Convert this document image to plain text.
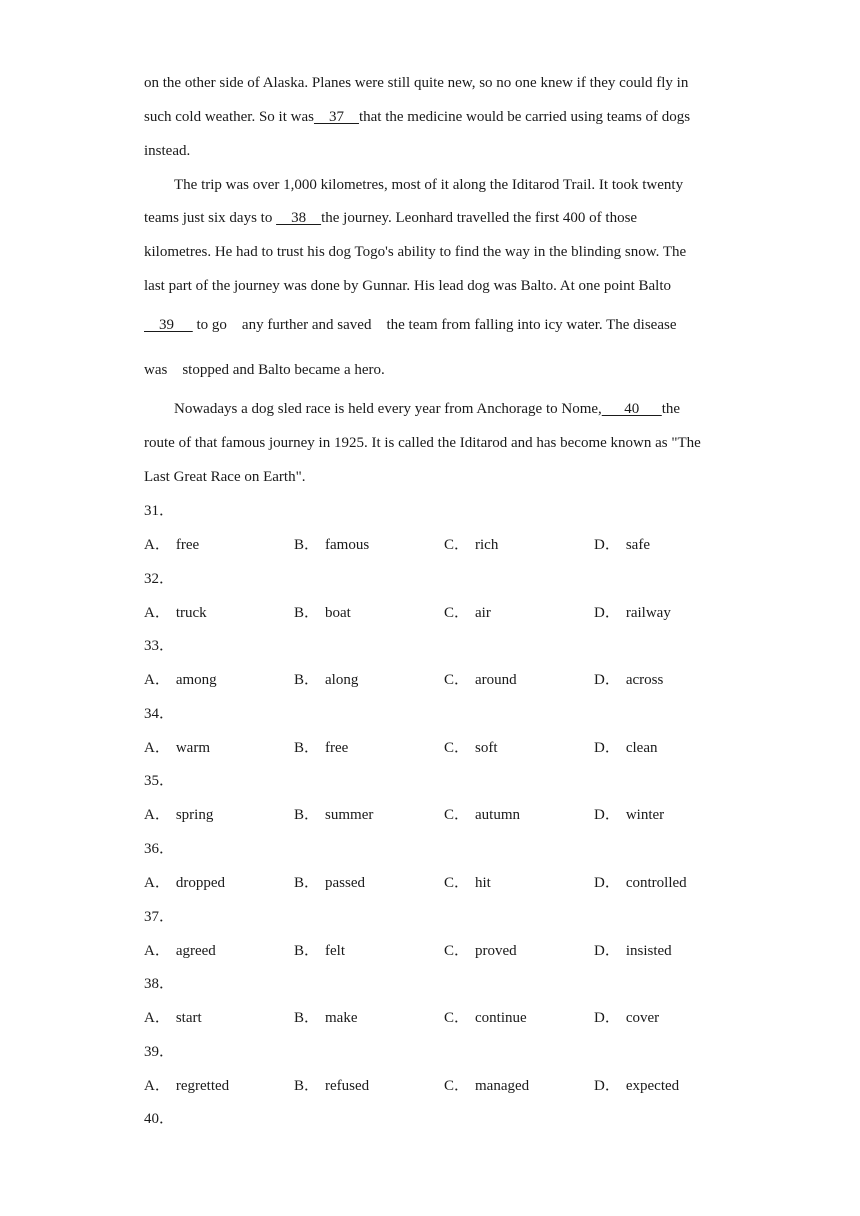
on the other side of Alaska. Planes were still quite new, so no one knew if they could fly in
such cold weather. So it was    37    that the medicine would be carried using teams of dogs
instead.
The trip was over 1,000 kilometres, most of it along the Iditarod Trail. It took twenty
teams just six days to     38    the journey. Leonhard travelled the first 400 of those
kilometres. He had to trust his dog Togo's ability to find the way in the blinding snow. The
last part of the journey was done by Gunnar. His lead dog was Balto. At one point Balto
39      to go    any further and saved    the team from falling into icy water. The disease
was    stopped and Balto became a hero.
Nowadays a dog sled race is held every year from Anchorage to Nome,      40      the
route of that famous journey in 1925. It is called the Iditarod and has become known as "The
Last Great Race on Earth".
31．
A． free	B． famous	C． rich	D． safe
32．
A． truck	B． boat	C． air	D． railway
33．
A． among	B． along	C． around	D． across
34．
A． warm	B． free	C． soft	D． clean
35．
A． spring	B． summer	C． autumn	D． winter
36．
A． dropped	B． passed	C． hit	D． controlled
37．
A． agreed	B． felt	C． proved	D． insisted
38．
A． start	B． make	C． continue	D． cover
39．
A． regretted	B． refused	C． managed	D． expected
40．
